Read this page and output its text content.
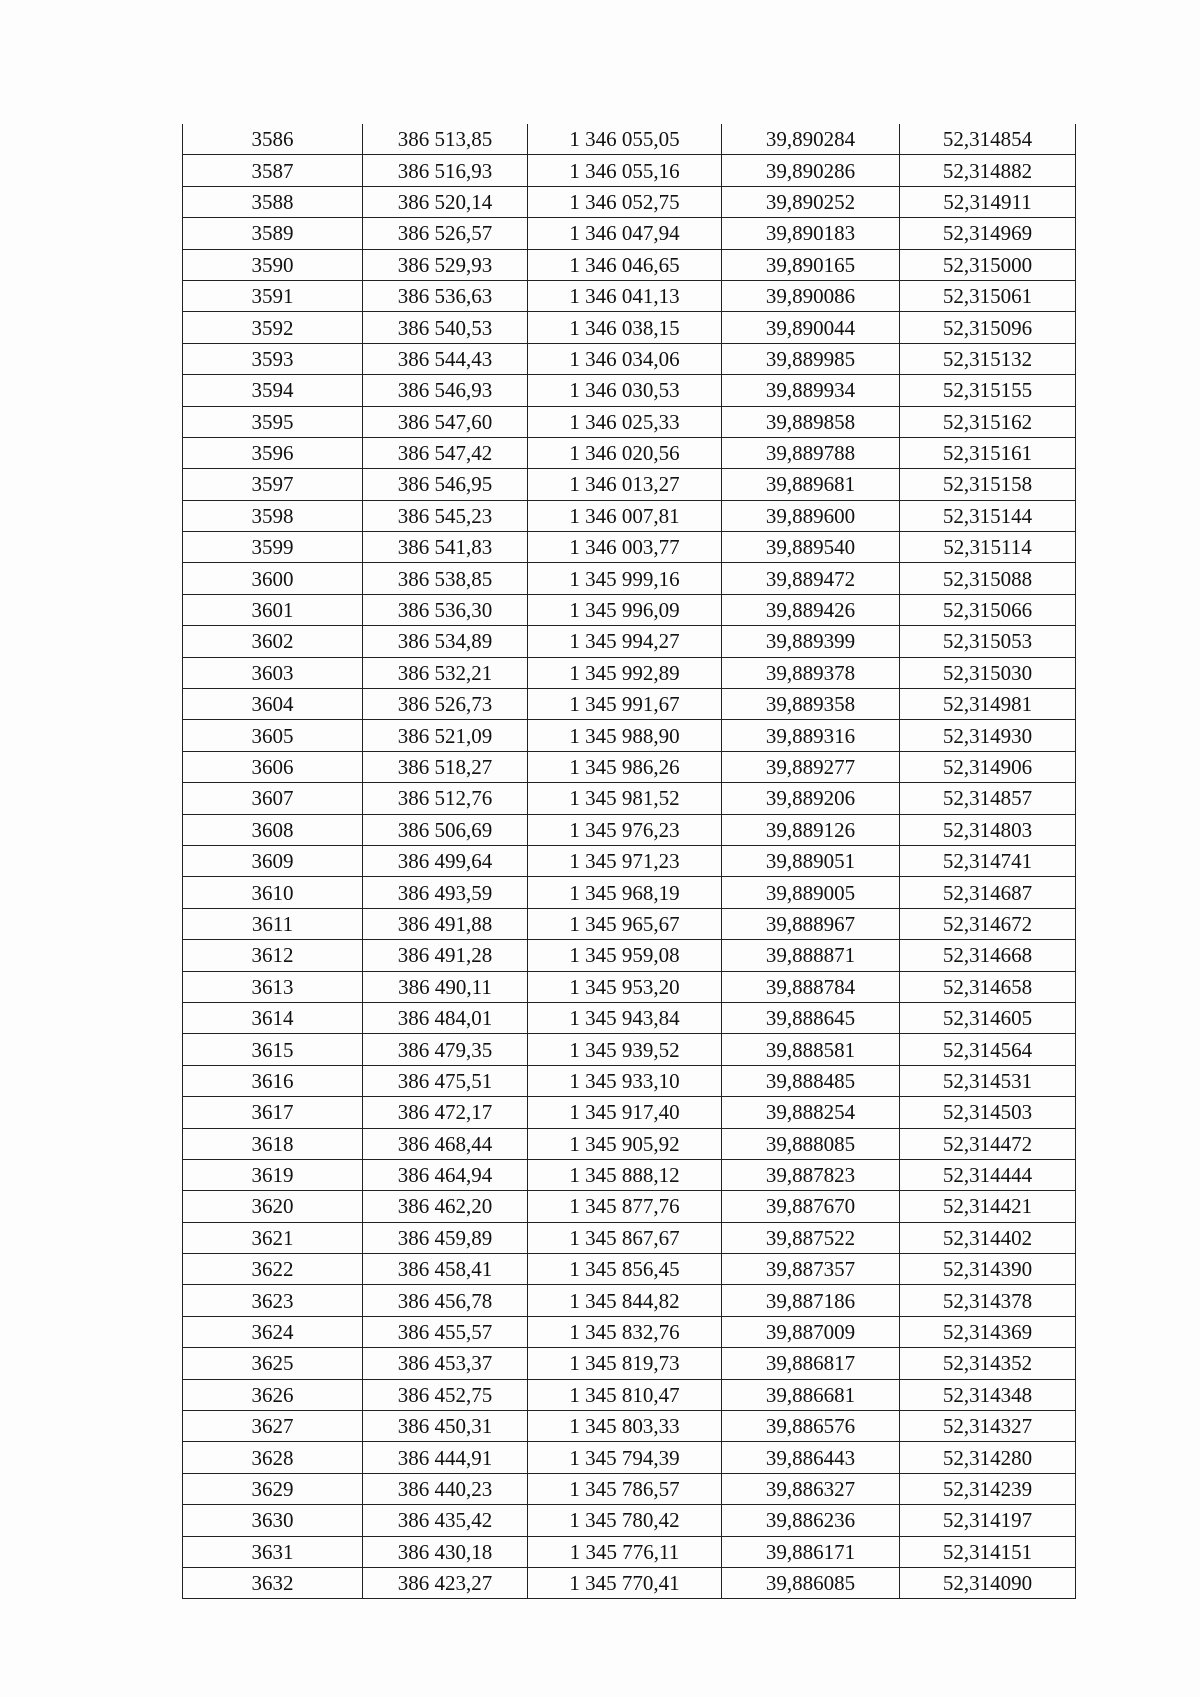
3586	386 513,85	1 346 055,05	39,890284	52,314854
3587	386 516,93	1 346 055,16	39,890286	52,314882
3588	386 520,14	1 346 052,75	39,890252	52,314911
3589	386 526,57	1 346 047,94	39,890183	52,314969
3590	386 529,93	1 346 046,65	39,890165	52,315000
3591	386 536,63	1 346 041,13	39,890086	52,315061
3592	386 540,53	1 346 038,15	39,890044	52,315096
3593	386 544,43	1 346 034,06	39,889985	52,315132
3594	386 546,93	1 346 030,53	39,889934	52,315155
3595	386 547,60	1 346 025,33	39,889858	52,315162
3596	386 547,42	1 346 020,56	39,889788	52,315161
3597	386 546,95	1 346 013,27	39,889681	52,315158
3598	386 545,23	1 346 007,81	39,889600	52,315144
3599	386 541,83	1 346 003,77	39,889540	52,315114
3600	386 538,85	1 345 999,16	39,889472	52,315088
3601	386 536,30	1 345 996,09	39,889426	52,315066
3602	386 534,89	1 345 994,27	39,889399	52,315053
3603	386 532,21	1 345 992,89	39,889378	52,315030
3604	386 526,73	1 345 991,67	39,889358	52,314981
3605	386 521,09	1 345 988,90	39,889316	52,314930
3606	386 518,27	1 345 986,26	39,889277	52,314906
3607	386 512,76	1 345 981,52	39,889206	52,314857
3608	386 506,69	1 345 976,23	39,889126	52,314803
3609	386 499,64	1 345 971,23	39,889051	52,314741
3610	386 493,59	1 345 968,19	39,889005	52,314687
3611	386 491,88	1 345 965,67	39,888967	52,314672
3612	386 491,28	1 345 959,08	39,888871	52,314668
3613	386 490,11	1 345 953,20	39,888784	52,314658
3614	386 484,01	1 345 943,84	39,888645	52,314605
3615	386 479,35	1 345 939,52	39,888581	52,314564
3616	386 475,51	1 345 933,10	39,888485	52,314531
3617	386 472,17	1 345 917,40	39,888254	52,314503
3618	386 468,44	1 345 905,92	39,888085	52,314472
3619	386 464,94	1 345 888,12	39,887823	52,314444
3620	386 462,20	1 345 877,76	39,887670	52,314421
3621	386 459,89	1 345 867,67	39,887522	52,314402
3622	386 458,41	1 345 856,45	39,887357	52,314390
3623	386 456,78	1 345 844,82	39,887186	52,314378
3624	386 455,57	1 345 832,76	39,887009	52,314369
3625	386 453,37	1 345 819,73	39,886817	52,314352
3626	386 452,75	1 345 810,47	39,886681	52,314348
3627	386 450,31	1 345 803,33	39,886576	52,314327
3628	386 444,91	1 345 794,39	39,886443	52,314280
3629	386 440,23	1 345 786,57	39,886327	52,314239
3630	386 435,42	1 345 780,42	39,886236	52,314197
3631	386 430,18	1 345 776,11	39,886171	52,314151
3632	386 423,27	1 345 770,41	39,886085	52,314090
